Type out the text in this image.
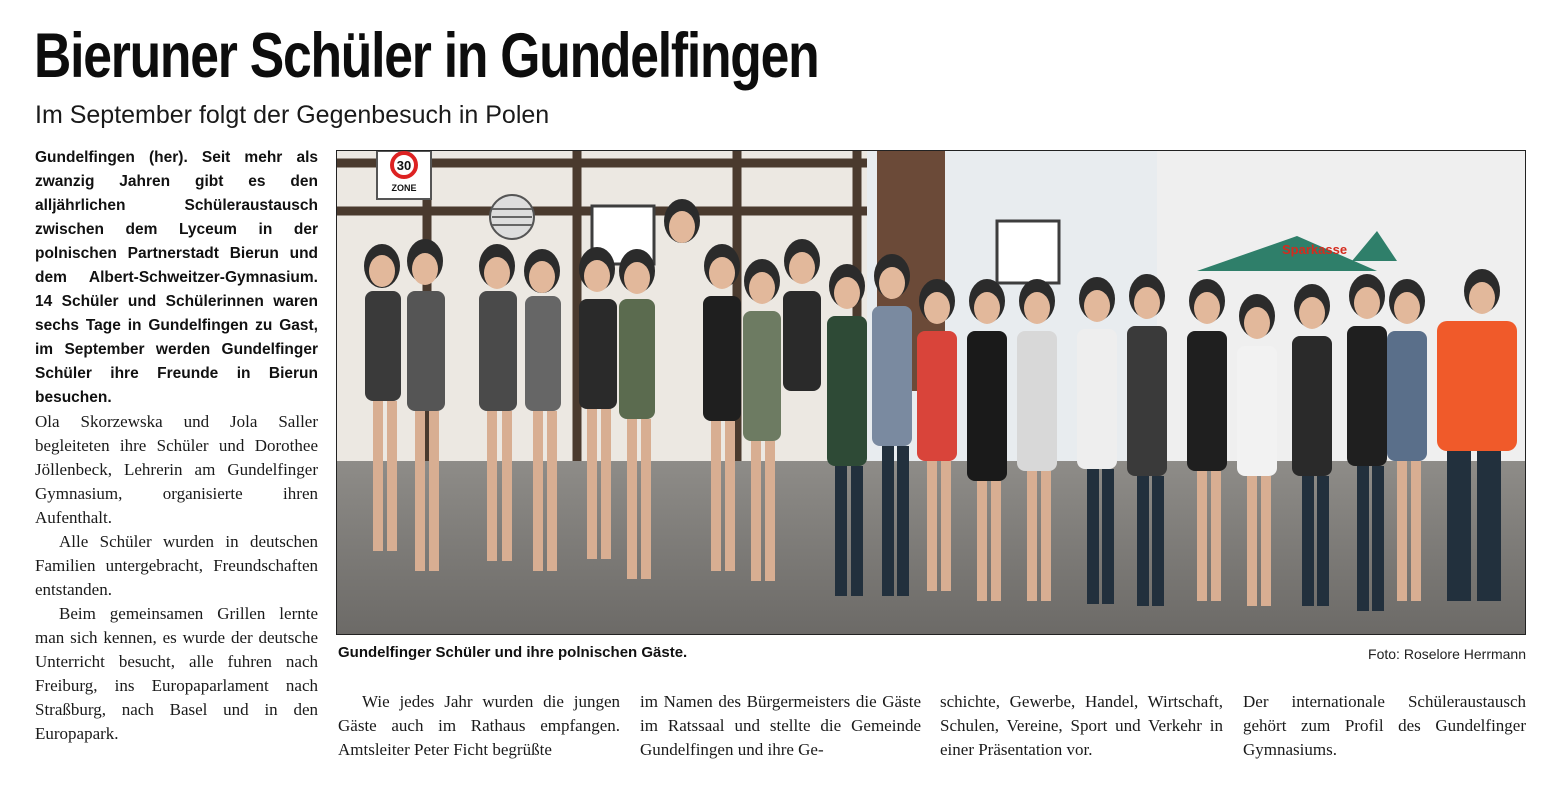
Bieruner Schüler in Gundelfingen
Im September folgt der Gegenbesuch in Polen

Gundelfingen (her). Seit mehr als zwanzig Jahren gibt es den alljährlichen Schüleraustausch zwischen dem Lyceum in der polnischen Partnerstadt Bierun und dem Albert-Schweitzer-Gymnasium. 14 Schüler und Schülerinnen waren sechs Tage in Gundelfingen zu Gast, im September werden Gundelfinger Schüler ihre Freunde in Bierun besuchen.

Ola Skorzewska und Jola Saller begleiteten ihre Schüler und Dorothee Jöllenbeck, Lehrerin am Gundelfinger Gymnasium, organisierte ihren Aufenthalt.

Alle Schüler wurden in deutschen Familien untergebracht, Freundschaften entstanden.

Beim gemeinsamen Grillen lernte man sich kennen, es wurde der deutsche Unterricht besucht, alle fuhren nach Freiburg, ins Europaparlament nach Straßburg, nach Basel und in den Europapark.

Sparkasse
30
ZONE
Gundelfinger Schüler und ihre polnischen Gäste.	Foto: Roselore Herrmann

Wie jedes Jahr wurden die jungen Gäste auch im Rathaus empfangen. Amtsleiter Peter Ficht begrüßte

im Namen des Bürgermeisters die Gäste im Ratssaal und stellte die Gemeinde Gundelfingen und ihre Ge-

schichte, Gewerbe, Handel, Wirtschaft, Schulen, Vereine, Sport und Verkehr in einer Präsentation vor.

Der internationale Schüleraustausch gehört zum Profil des Gundelfinger Gymnasiums.
